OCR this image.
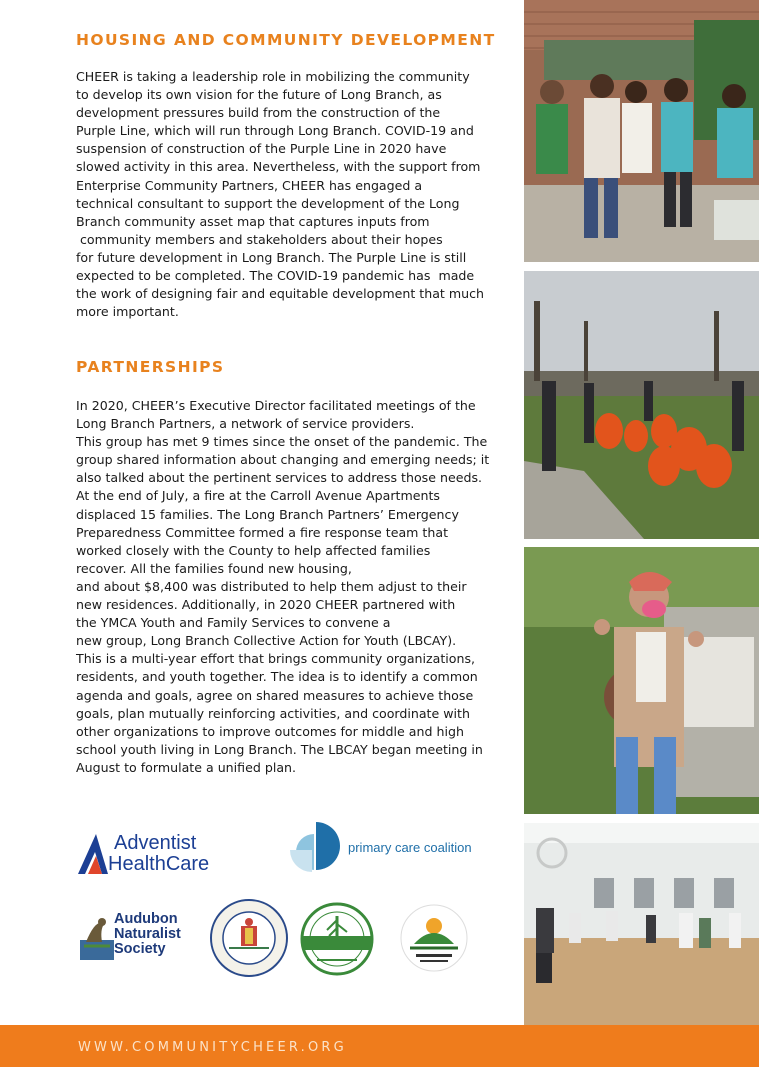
HOUSING AND COMMUNITY DEVELOPMENT
CHEER is taking a leadership role in mobilizing the community
to develop its own vision for the future of Long Branch, as
development pressures build from the construction of the
Purple Line, which will run through Long Branch. COVID-19 and
suspension of construction of the Purple Line in 2020 have
slowed activity in this area. Nevertheless, with the support from
Enterprise Community Partners, CHEER has engaged a
technical consultant to support the development of the Long
Branch community asset map that captures inputs from
community members and stakeholders about their hopes
for future development in Long Branch. The Purple Line is still
expected to be completed. The COVID-19 pandemic has  made
the work of designing fair and equitable development that much
more important.
PARTNERSHIPS
In 2020, CHEER’s Executive Director facilitated meetings of the
Long Branch Partners, a network of service providers.
This group has met 9 times since the onset of the pandemic. The
group shared information about changing and emerging needs; it
also talked about the pertinent services to address those needs.
At the end of July, a fire at the Carroll Avenue Apartments
displaced 15 families. The Long Branch Partners’ Emergency
Preparedness Committee formed a fire response team that
worked closely with the County to help affected families
recover. All the families found new housing,
and about $8,400 was distributed to help them adjust to their
new residences. Additionally, in 2020 CHEER partnered with
the YMCA Youth and Family Services to convene a
new group, Long Branch Collective Action for Youth (LBCAY).
This is a multi-year effort that brings community organizations,
residents, and youth together. The idea is to identify a common
agenda and goals, agree on shared measures to achieve those
goals, plan mutually reinforcing activities, and coordinate with
other organizations to improve outcomes for middle and high
school youth living in Long Branch. The LBCAY began meeting in
August to formulate a unified plan.
Adventist
HealthCare
primary care coalition
Audubon
Naturalist
Society
WWW.COMMUNITYCHEER.ORG
